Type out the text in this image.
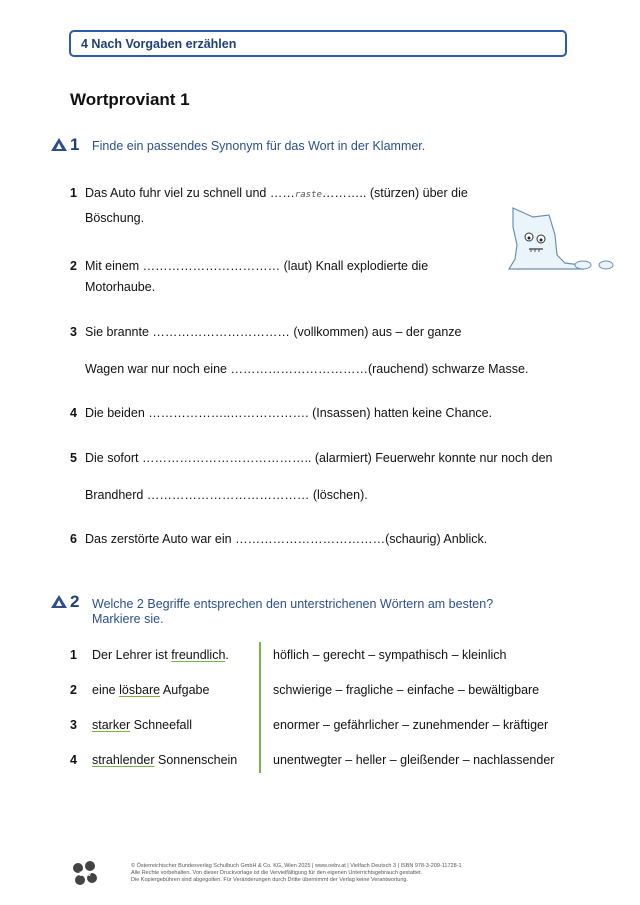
4 Nach Vorgaben erzählen
Wortproviant 1
1 Finde ein passendes Synonym für das Wort in der Klammer.
1 Das Auto fuhr viel zu schnell und ……raste……….. (stürzen) über die
Böschung.
2 Mit einem …………………………… (laut) Knall explodierte die
Motorhaube.
3 Sie brannte …………………………… (vollkommen) aus – der ganze
Wagen war nur noch eine ……………………………(rauchend) schwarze Masse.
4 Die beiden ………………..………………. (Insassen) hatten keine Chance.
5 Die sofort ………………………………….. (alarmiert) Feuerwehr konnte nur noch den
Brandherd ………………………………… (löschen).
6 Das zerstörte Auto war ein ………………………………(schaurig) Anblick.
2 Welche 2 Begriffe entsprechen den unterstrichenen Wörtern am besten?
Markiere sie.
1 Der Lehrer ist freundlich.	höflich – gerecht – sympathisch – kleinlich
2 eine lösbare Aufgabe	schwierige – fragliche – einfache – bewältigbare
3 starker Schneefall	enormer – gefährlicher – zunehmender – kräftiger
4 strahlender Sonnenschein	unentwegter – heller – gleißender – nachlassender
öbv
© Österreichischer Bundesverlag Schulbuch GmbH & Co. KG, Wien 2025 | www.oebv.at | Vielfach Deutsch 3 | ISBN 978-3-209-11728-1
Alle Rechte vorbehalten. Von dieser Druckvorlage ist die Vervielfältigung für den eigenen Unterrichtsgebrauch gestattet.
Die Kopiergebühren sind abgegolten. Für Veränderungen durch Dritte übernimmt der Verlag keine Verantwortung.
